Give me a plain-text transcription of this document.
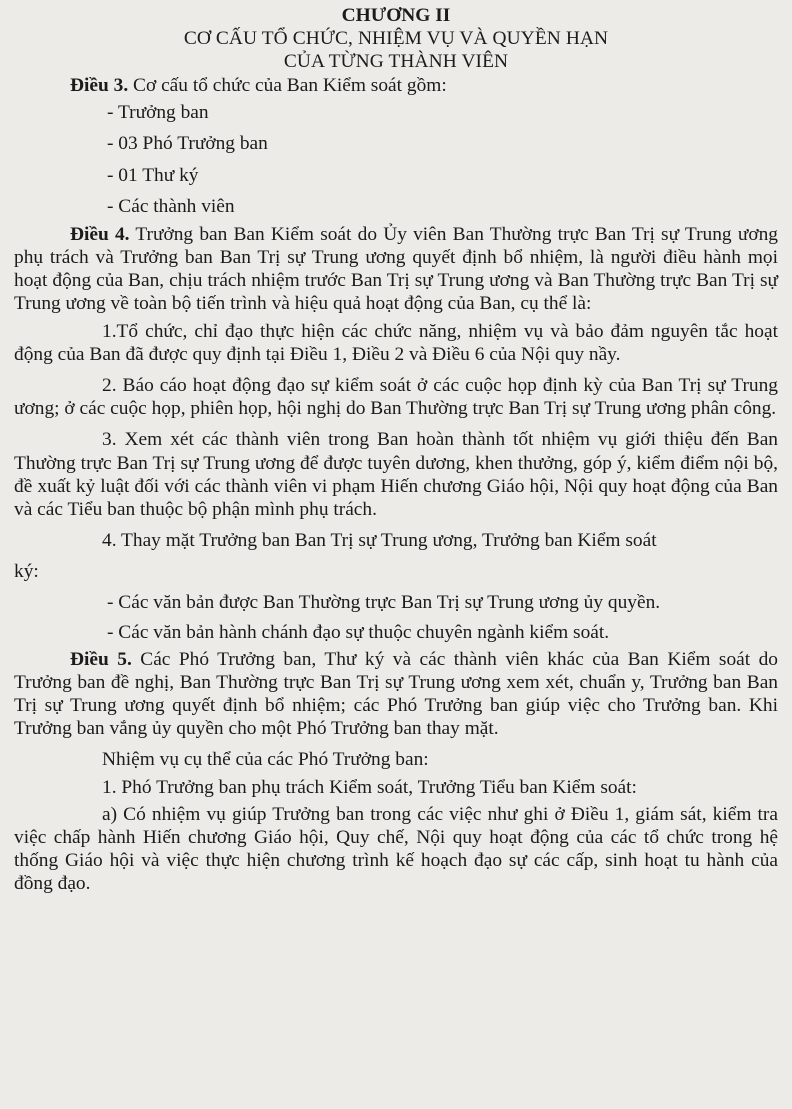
CHƯƠNG II
CƠ CẤU TỔ CHỨC, NHIỆM VỤ VÀ QUYỀN HẠN
CỦA TỪNG THÀNH VIÊN

Điều 3. Cơ cấu tổ chức của Ban Kiểm soát gồm:

- Trưởng ban
- 03 Phó Trưởng ban
- 01 Thư ký
- Các thành viên

Điều 4. Trưởng ban Ban Kiểm soát do Ủy viên Ban Thường trực Ban Trị sự Trung ương phụ trách và Trưởng ban Ban Trị sự Trung ương quyết định bổ nhiệm, là người điều hành mọi hoạt động của Ban, chịu trách nhiệm trước Ban Trị sự Trung ương và Ban Thường trực Ban Trị sự Trung ương về toàn bộ tiến trình và hiệu quả hoạt động của Ban, cụ thể là:

1.Tổ chức, chỉ đạo thực hiện các chức năng, nhiệm vụ và bảo đảm nguyên tắc hoạt động của Ban đã được quy định tại Điều 1, Điều 2 và Điều 6 của Nội quy nầy.

2. Báo cáo hoạt động đạo sự kiểm soát ở các cuộc họp định kỳ của Ban Trị sự Trung ương; ở các cuộc họp, phiên họp, hội nghị do Ban Thường trực Ban Trị sự Trung ương phân công.

3. Xem xét các thành viên trong Ban hoàn thành tốt nhiệm vụ giới thiệu đến Ban Thường trực Ban Trị sự Trung ương để được tuyên dương, khen thưởng, góp ý, kiểm điểm nội bộ, đề xuất kỷ luật đối với các thành viên vi phạm Hiến chương Giáo hội, Nội quy hoạt động của Ban và các Tiểu ban thuộc bộ phận mình phụ trách.

4. Thay mặt Trưởng ban Ban Trị sự Trung ương, Trưởng ban Kiểm soát

ký:

- Các văn bản được Ban Thường trực Ban Trị sự Trung ương ủy quyền.
- Các văn bản hành chánh đạo sự thuộc chuyên ngành kiểm soát.

Điều 5. Các Phó Trưởng ban, Thư ký và các thành viên khác của Ban Kiểm soát do Trưởng ban đề nghị, Ban Thường trực Ban Trị sự Trung ương xem xét, chuẩn y, Trưởng ban Ban Trị sự Trung ương quyết định bổ nhiệm; các Phó Trưởng ban giúp việc cho Trưởng ban. Khi Trưởng ban vắng ủy quyền cho một Phó Trưởng ban thay mặt.

Nhiệm vụ cụ thể của các Phó Trưởng ban:

1. Phó Trưởng ban phụ trách Kiểm soát, Trưởng Tiểu ban Kiểm soát:

a) Có nhiệm vụ giúp Trưởng ban trong các việc như ghi ở Điều 1, giám sát, kiểm tra việc chấp hành Hiến chương Giáo hội, Quy chế, Nội quy hoạt động của các tổ chức trong hệ thống Giáo hội và việc thực hiện chương trình kế hoạch đạo sự các cấp, sinh hoạt tu hành của đồng đạo.
